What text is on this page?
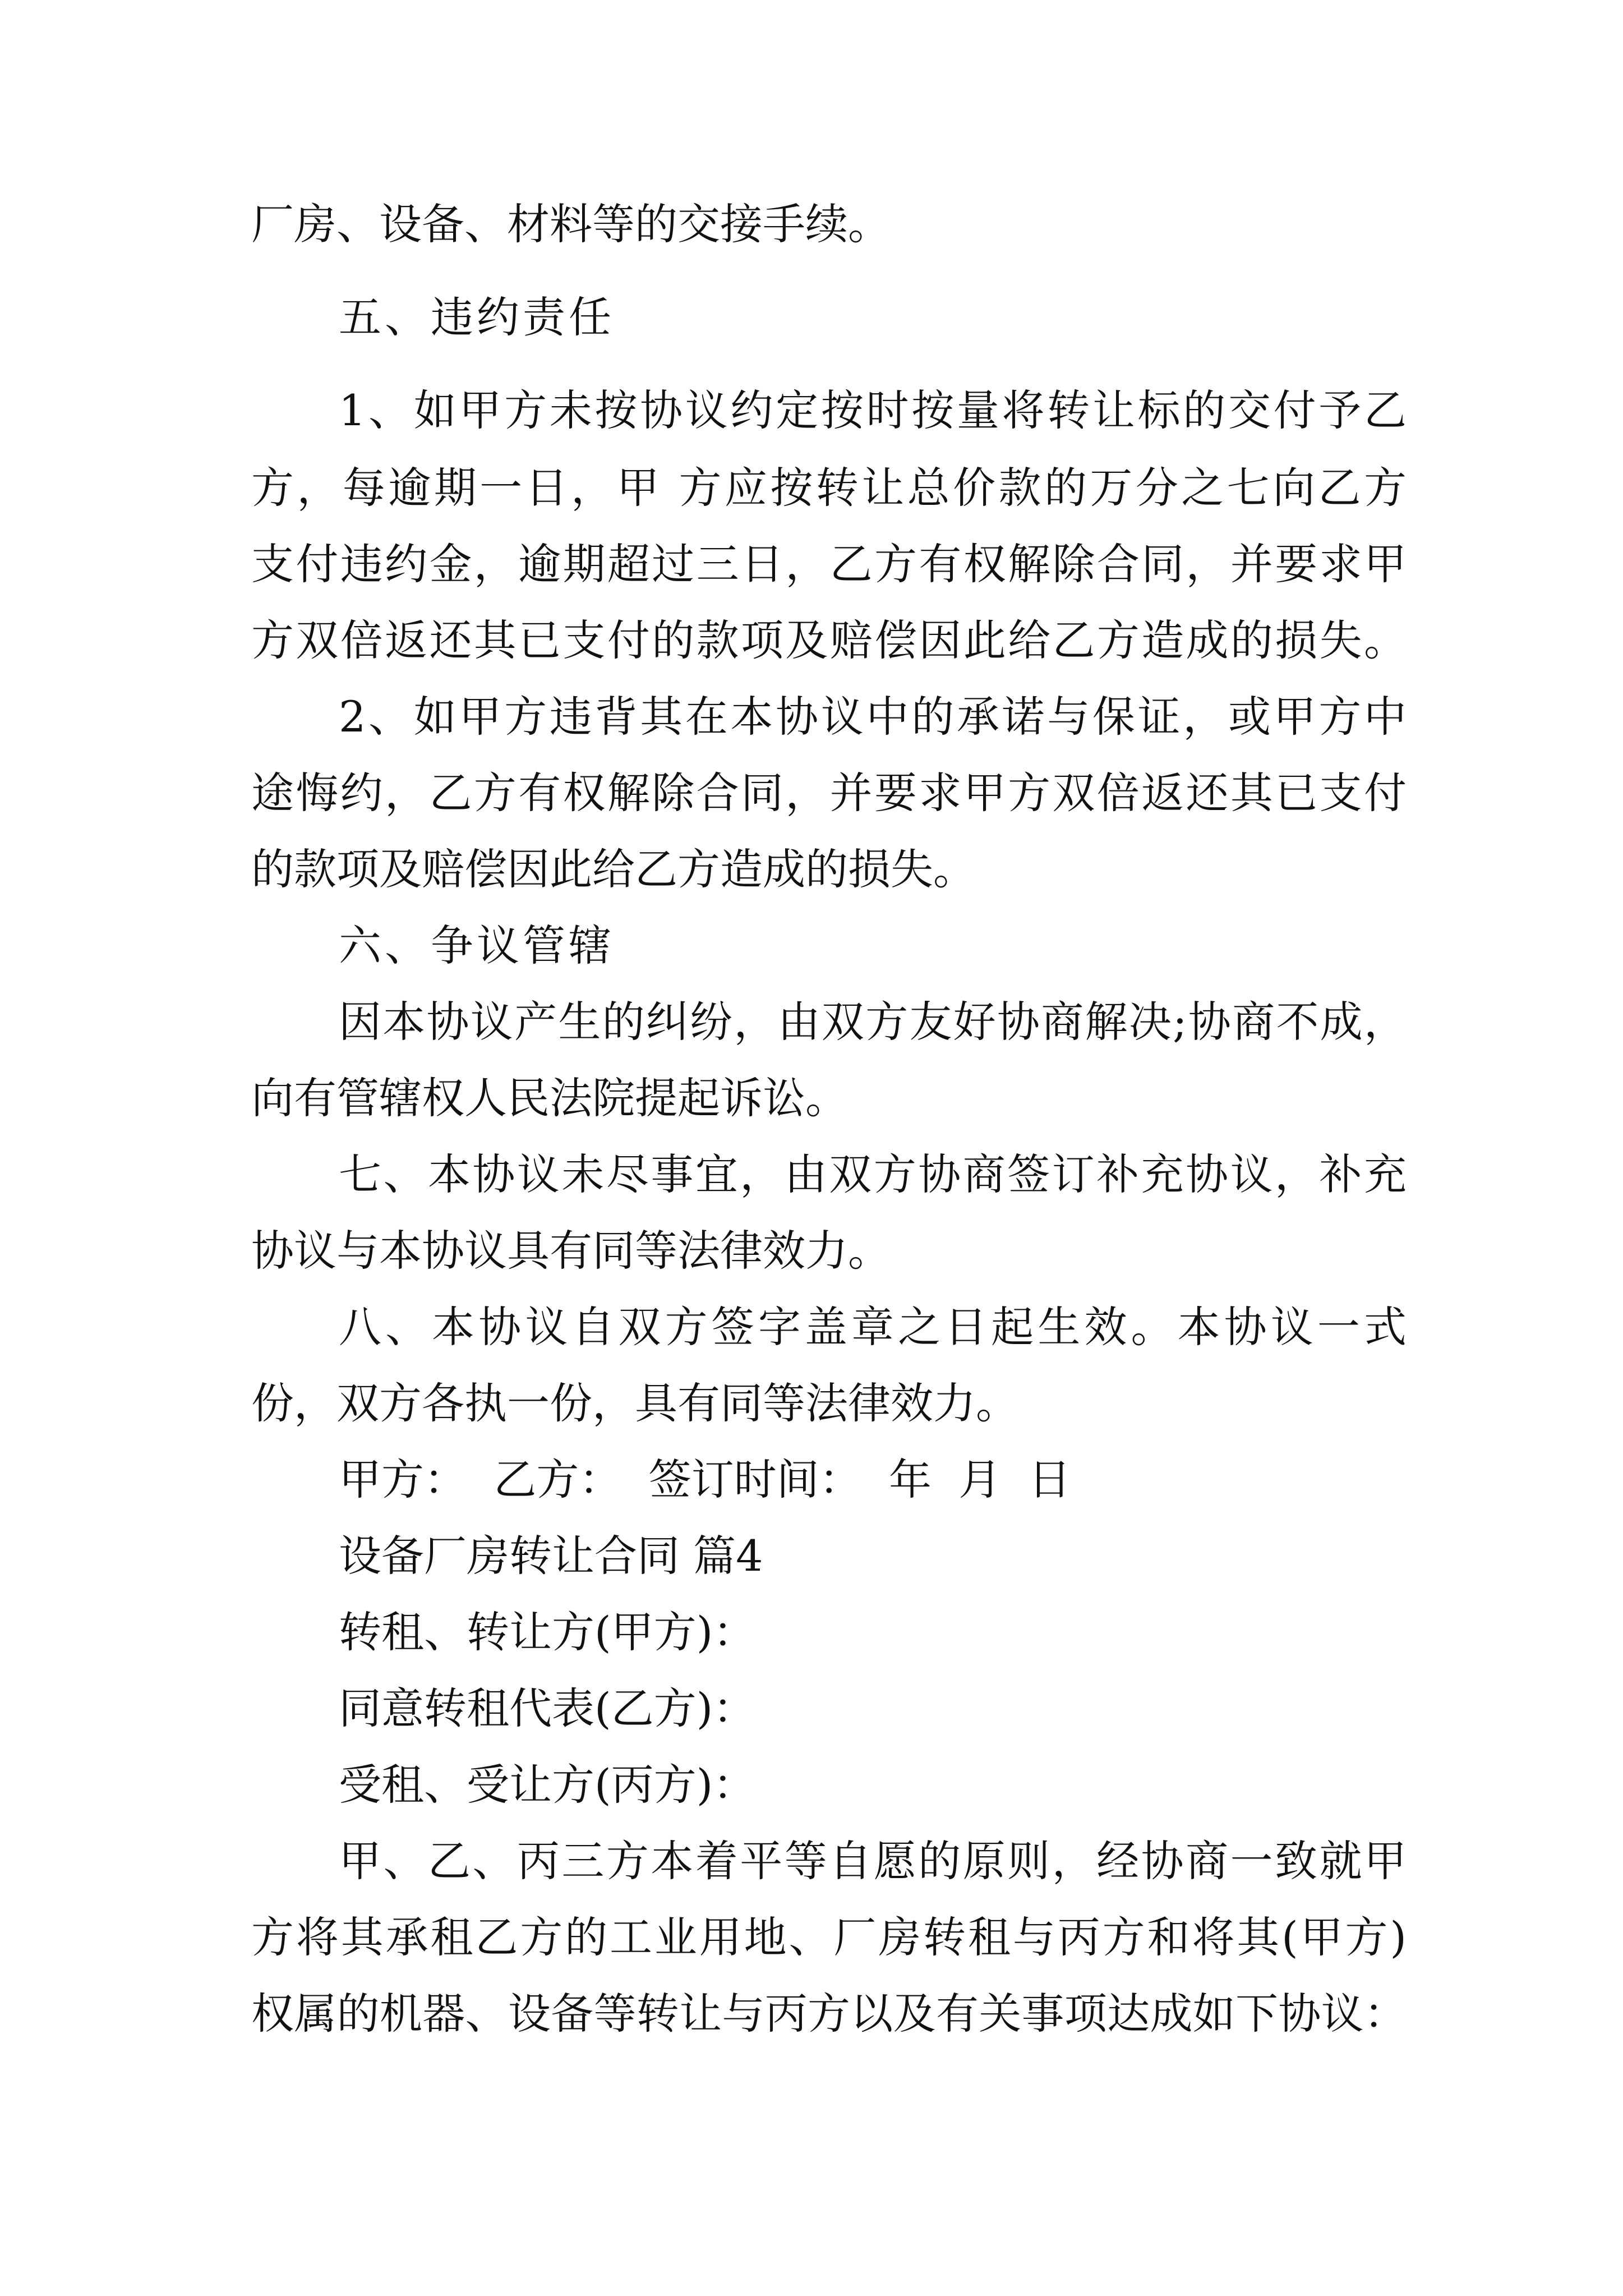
厂房、设备、材料等的交接手续。
五、违约责任
1、如甲方未按协议约定按时按量将转让标的交付予乙
方，每逾期一日，甲 方应按转让总价款的万分之七向乙方
支付违约金，逾期超过三日，乙方有权解除合同，并要求甲
方双倍返还其已支付的款项及赔偿因此给乙方造成的损失。
2、如甲方违背其在本协议中的承诺与保证，或甲方中
途悔约，乙方有权解除合同，并要求甲方双倍返还其已支付
的款项及赔偿因此给乙方造成的损失。
六、争议管辖
因本协议产生的纠纷，由双方友好协商解决;协商不成，
向有管辖权人民法院提起诉讼。
七、本协议未尽事宜，由双方协商签订补充协议，补充
协议与本协议具有同等法律效力。
八、本协议自双方签字盖章之日起生效。本协议一式
份，双方各执一份，具有同等法律效力。
甲方：  乙方：  签订时间：  年  月  日
设备厂房转让合同 篇4
转租、转让方(甲方)：
同意转租代表(乙方)：
受租、受让方(丙方)：
甲、乙、丙三方本着平等自愿的原则，经协商一致就甲
方将其承租乙方的工业用地、厂房转租与丙方和将其(甲方)
权属的机器、设备等转让与丙方以及有关事项达成如下协议：
